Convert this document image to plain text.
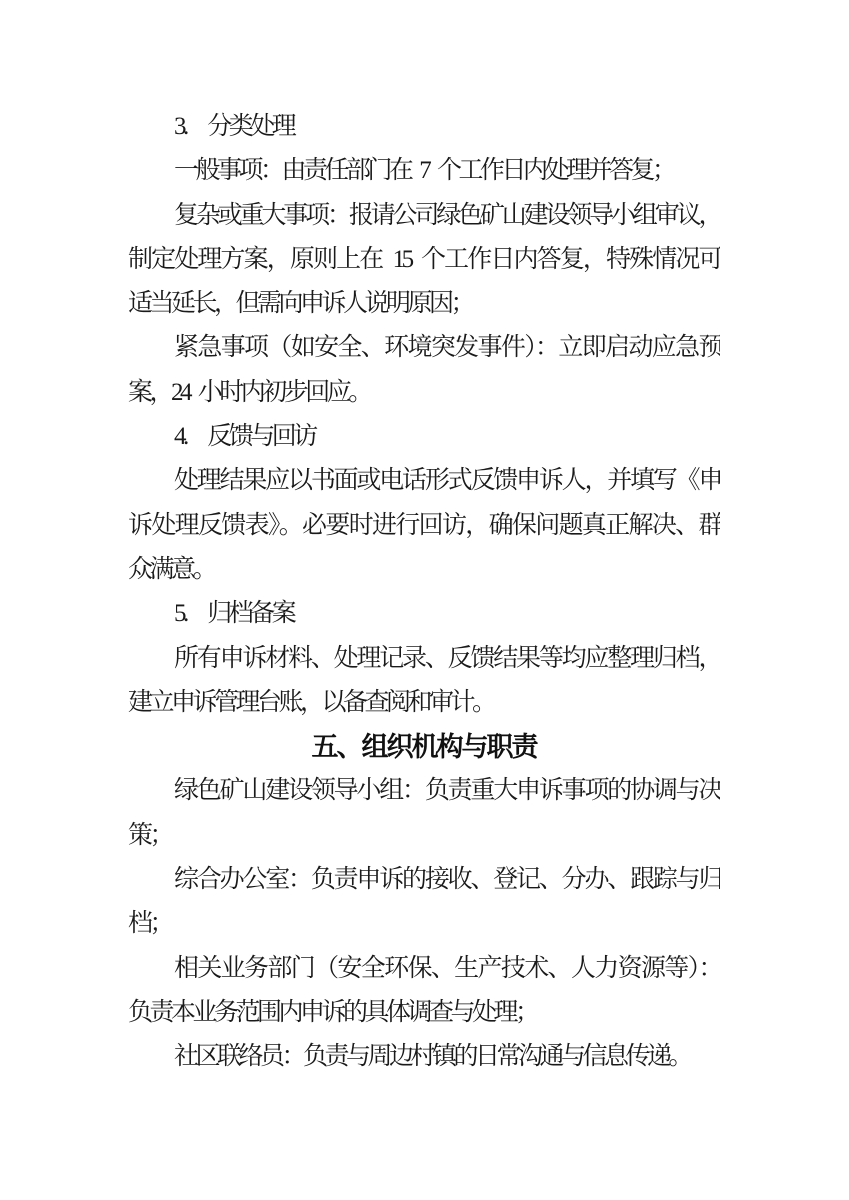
3.　分类处理
一般事项：由责任部门在 7 个工作日内处理并答复；
复杂或重大事项：报请公司绿色矿山建设领导小组审议，
制定处理方案，原则上在 15 个工作日内答复，特殊情况可
适当延长，但需向申诉人说明原因；
紧急事项（如安全、环境突发事件）：立即启动应急预
案，24 小时内初步回应。
4.　反馈与回访
处理结果应以书面或电话形式反馈申诉人，并填写《申
诉处理反馈表》。必要时进行回访，确保问题真正解决、群
众满意。
5.　归档备案
所有申诉材料、处理记录、反馈结果等均应整理归档，
建立申诉管理台账，以备查阅和审计。
五、组织机构与职责
绿色矿山建设领导小组：负责重大申诉事项的协调与决
策；
综合办公室：负责申诉的接收、登记、分办、跟踪与归
档；
相关业务部门（安全环保、生产技术、人力资源等）：
负责本业务范围内申诉的具体调查与处理；
社区联络员：负责与周边村镇的日常沟通与信息传递。
